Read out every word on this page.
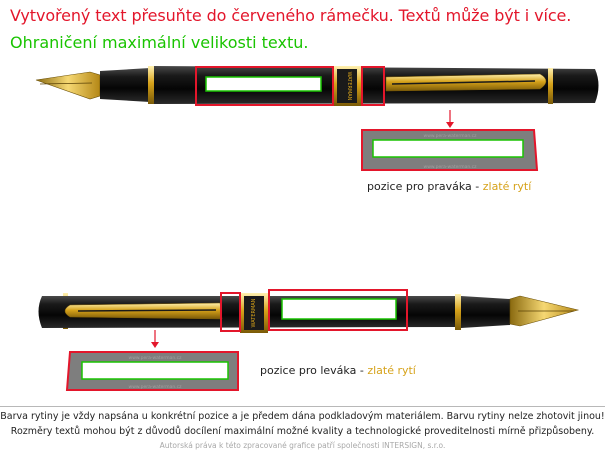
Vytvořený text přesuňte do červeného rámečku. Textů může být i více.
Ohraničení maximální velikosti textu.
WATERMAN
www.pera-waterman.cz
www.pera-waterman.cz
WATERMAN
www.pera-waterman.cz
www.pera-waterman.cz
pozice pro praváka - zlaté rytí
pozice pro leváka - zlaté rytí
Barva rytiny je vždy napsána u konkrétní pozice a je předem dána podkladovým materiálem. Barvu rytiny nelze zhotovit jinou!
Rozměry textů mohou být z důvodů docílení maximální možné kvality a technologické proveditelnosti mírně přizpůsobeny.
Autorská práva k této zpracované grafice patří společnosti INTERSIGN, s.r.o.
